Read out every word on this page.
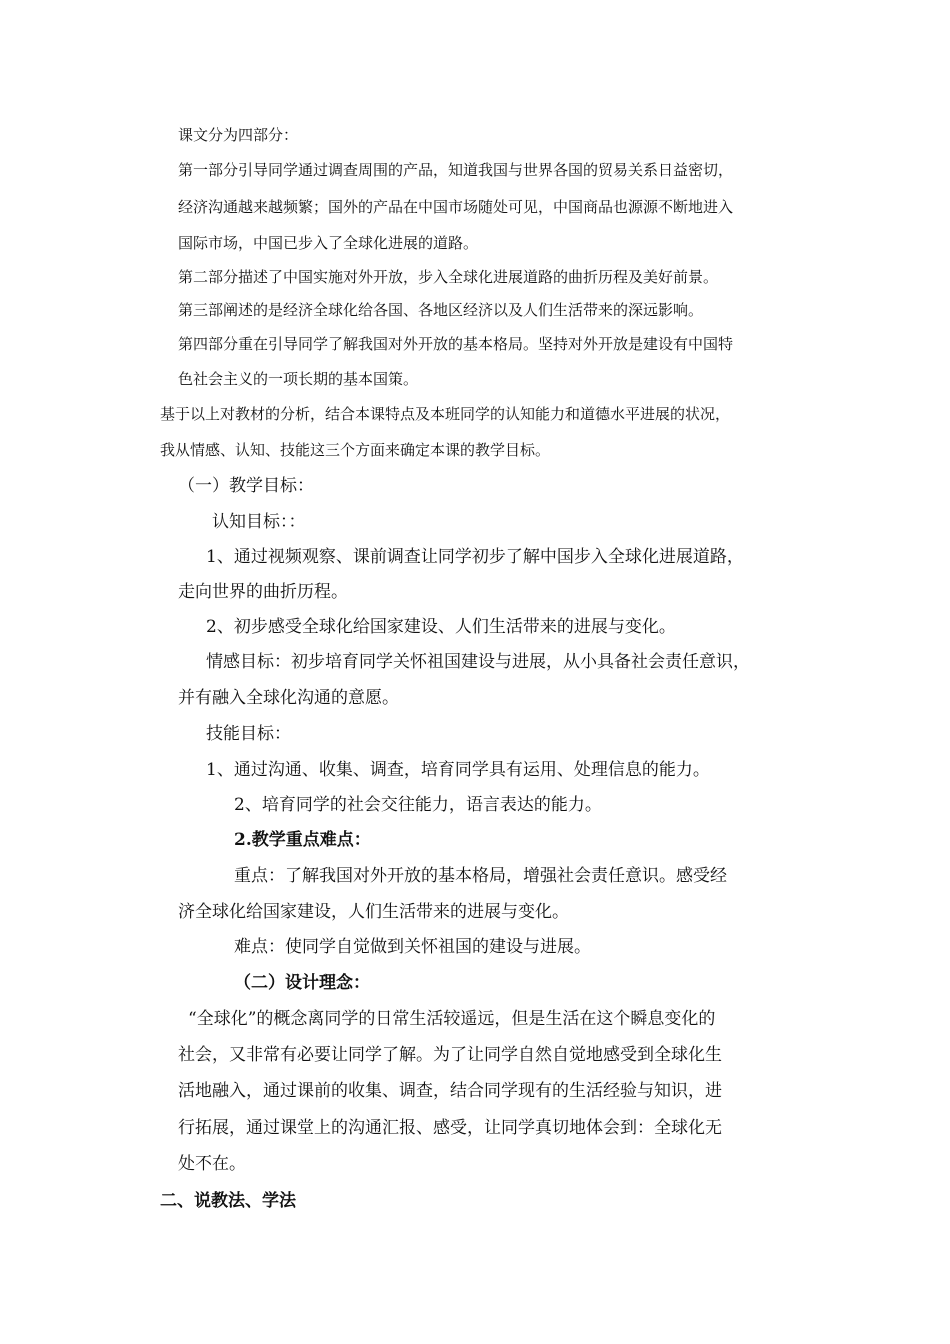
课文分为四部分：
第一部分引导同学通过调查周围的产品，知道我国与世界各国的贸易关系日益密切，
经济沟通越来越频繁；国外的产品在中国市场随处可见，中国商品也源源不断地进入
国际市场，中国已步入了全球化进展的道路。
第二部分描述了中国实施对外开放，步入全球化进展道路的曲折历程及美好前景。
第三部阐述的是经济全球化给各国、各地区经济以及人们生活带来的深远影响。
第四部分重在引导同学了解我国对外开放的基本格局。坚持对外开放是建设有中国特
色社会主义的一项长期的基本国策。
基于以上对教材的分析，结合本课特点及本班同学的认知能力和道德水平进展的状况，
我从情感、认知、技能这三个方面来确定本课的教学目标。
（一）教学目标：
认知目标：：
1、通过视频观察、课前调查让同学初步了解中国步入全球化进展道路，
走向世界的曲折历程。
2、初步感受全球化给国家建设、人们生活带来的进展与变化。
情感目标：初步培育同学关怀祖国建设与进展，从小具备社会责任意识，
并有融入全球化沟通的意愿。
技能目标：
1、通过沟通、收集、调查，培育同学具有运用、处理信息的能力。
2、培育同学的社会交往能力，语言表达的能力。
2.教学重点难点：
重点：了解我国对外开放的基本格局，增强社会责任意识。感受经
济全球化给国家建设，人们生活带来的进展与变化。
难点：使同学自觉做到关怀祖国的建设与进展。
（二）设计理念：
“全球化”的概念离同学的日常生活较遥远，但是生活在这个瞬息变化的
社会，又非常有必要让同学了解。为了让同学自然自觉地感受到全球化生
活地融入，通过课前的收集、调查，结合同学现有的生活经验与知识，进
行拓展，通过课堂上的沟通汇报、感受，让同学真切地体会到：全球化无
处不在。
二、说教法、学法
